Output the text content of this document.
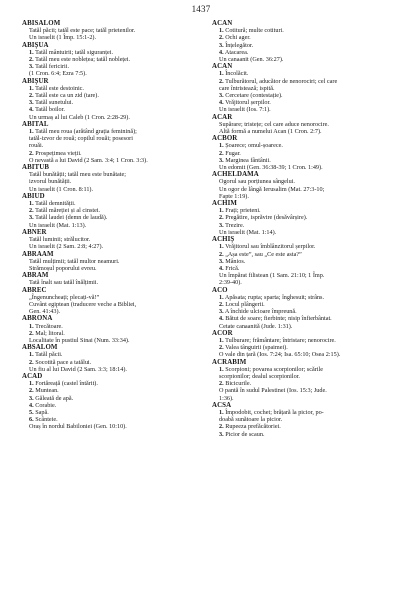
1437
ABISALOM
Tatăl păcii; tatăl este pace; tatăl prietenilor.
Un israelit (1 Împ. 15:1-2).
ABIȘUA
1. Tatăl mântuirii; tatăl siguranței.
2. Tatăl meu este noblețea; tatăl nobleței.
3. Tatăl fericirii.
(1 Cron. 6:4; Ezra 7:5).
ABIȘUR
1. Tatăl este destoinic.
2. Tatăl este ca un zid (tare).
3. Tatăl sunetului.
4. Tatăl boilor.
Un urmaș al lui Caleb (1 Cron. 2:28-29).
ABITAL
1. Tatăl meu roua (arătând grația feminină);
tatăl-izvor de rouă; copilul rouăi; posesori
rouăi.
2. Prospețimea vieții.
O nevastă a lui David (2 Sam. 3:4; 1 Cron. 3:3).
ABITUB
Tatăl bunătății; tatăl meu este bunătate;
izvorul bunătății.
Un israelit (1 Cron. 8:11).
ABIUD
1. Tatăl demnității.
2. Tatăl măreției și al cinstei.
3. Tatăl laudei (demn de laudă).
Un israelit (Mat. 1:13).
ABNER
Tatăl luminii; strălucitor.
Un israelit (2 Sam. 2:8; 4:27).
ABRAAM
Tatăl mulțimii; tatăl multor neamuri.
Strămoșul poporului evreu.
ABRAM
Tată înalt sau tatăl înălțimii.
ABREC
„Îngenuncheați; plecați-vă!”
Cuvânt egiptean (traducere veche a Bibliei,
Gen. 41:43).
ABRONA
1. Trecătoare.
2. Mal; litoral.
Localitate în pustiul Sinai (Num. 33:34).
ABSALOM
1. Tatăl păcii.
2. Socotită pace a tatălui.
Un fiu al lui David (2 Sam. 3:3; 18:14).
ACAD
1. Fortăreață (castel întărit).
2. Muntean.
3. Găleată de apă.
4. Corabie.
5. Sapă.
6. Scânteie.
Oraș în nordul Babiloniei (Gen. 10:10).
ACAN
1. Cotitură; multe cotituri.
2. Ochi ager.
3. Înțelegător.
4. Atacarea.
Un canaanit (Gen. 36:27).
ACAN
1. Încolăcit.
2. Tulburătorul, aducător de nenorociri; cel care
care întristează; ispită.
3. Cercetare (contestație).
4. Vrăjitorul șerpilor.
Un israelit (Ios. 7:1).
ACAR
Supărare; tristețe; cel care aduce nenorocire.
Altă formă a numelui Acan (1 Cron. 2:7).
ACBOR
1. Șoarece; omul-șoarece.
2. Fugar.
3. Marginea fântânii.
Un edomit (Gen. 36:38-39; 1 Cron. 1:49).
ACHELDAMA
Ogorul sau porțiunea sângelui.
Un ogor de lângă Ierusalim (Mat. 27:3-10;
Fapte 1:19).
ACHIM
1. Frați; prieteni.
2. Pregătire, isprăvire (desăvârșire).
3. Trezire.
Un israelit (Mat. 1:14).
ACHIȘ
1. Vrăjitorul sau îmblânzitorul șerpilor.
2. „Așa este”, sau „Ce este asta?”
3. Mânios.
4. Frică.
Un împărat filistean (1 Sam. 21:10; 1 Împ.
2:39-40).
ACO
1. Apăsata; rupta; sparta; înghesuit; strâns.
2. Locul plângerii.
3. A închide ulcioare împreună.
4. Bătut de soare; fierbinte; nisip înfierbântat.
Cetate canaanită (Jude. 1:31).
ACOR
1. Tulburare; frământare; întristare; nenorocire.
2. Valea tânguirii (spaimei).
O vale din țară (Ios. 7:24; Isa. 65:10; Osea 2:15).
ACRABIM
1. Scorpioni; povarea scorpionilor; scările
scorpionilor; dealul scorpionilor.
2. Bicicurile.
O pantă în sudul Palestinei (Ios. 15:3; Jude.
1:36).
ACSA
1. Împodobit, cochet; brățară la picior, po-
doabă sunătoare la picior.
2. Rupeeza prefăcătoriei.
3. Picior de scaun.
